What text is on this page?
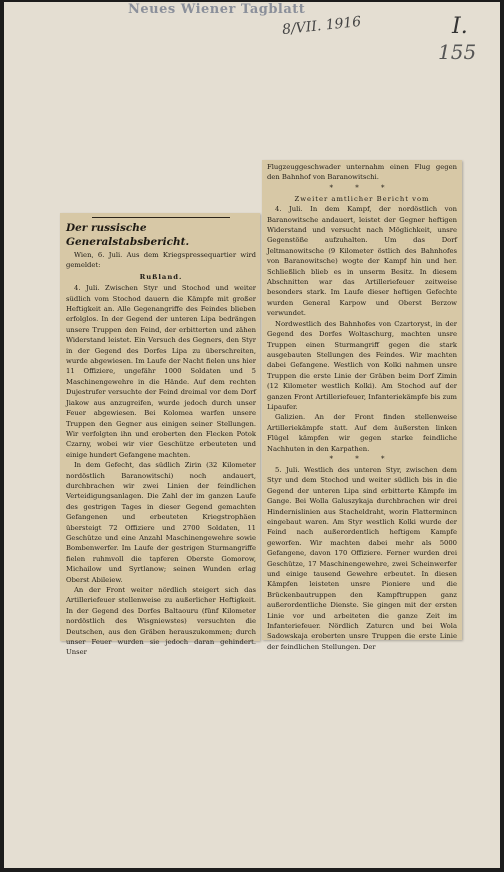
Neues Wiener Tagblatt
8/VII. 1916	I.
155
Der russische Generalstabsbericht.

Wien, 6. Juli. Aus dem Kriegspressequartier wird gemeldet:

Rußland.

4. Juli. Zwischen Styr und Stochod und weiter südlich vom Stochod dauern die Kämpfe mit großer Heftigkeit an. Alle Gegenangriffe des Feindes blieben erfolglos. In der Gegend der unteren Lipa bedrängen unsere Truppen den Feind, der erbitterten und zähen Widerstand leistet. Ein Versuch des Gegners, den Styr in der Gegend des Dorfes Lipa zu überschreiten, wurde abgewiesen. Im Laufe der Nacht fielen uns hier 11 Offiziere, ungefähr 1000 Soldaten und 5 Maschinengewehre in die Hände. Auf dem rechten Dujestrufer versuchte der Feind dreimal vor dem Dorf Jiakow aus anzugreifen, wurde jedoch durch unser Feuer abgewiesen. Bei Kolomea warfen unsere Truppen den Gegner aus einigen seiner Stellungen. Wir verfolgten ihn und eroberten den Flecken Potok Czarny, wobei wir vier Geschütze erbeuteten und einige hundert Gefangene machten.

In dem Gefecht, das südlich Zirin (32 Kilometer nordöstlich Baranowitschi) noch andauert, durchbrachen wir zwei Linien der feindlichen Verteidigungsanlagen. Die Zahl der im ganzen Laufe des gestrigen Tages in dieser Gegend gemachten Gefangenen und erbeuteten Kriegstrophäen übersteigt 72 Offiziere und 2700 Soldaten, 11 Geschütze und eine Anzahl Maschinengewehre sowie Bombenwerfer. Im Laufe der gestrigen Sturmangriffe fielen ruhmvoll die tapferen Oberste Gomorow, Michailow und Syrtlanow; seinen Wunden erlag Oberst Abileiew.

An der Front weiter nördlich steigert sich das Artilleriefeuer stellenweise zu außerlicher Heftigkeit. In der Gegend des Dorfes Baltaouru (fünf Kilometer nordöstlich des Wisgniewstes) versuchten die Deutschen, aus den Gräben herauszukommen; durch unser Feuer wurden sie jedoch daran gehindert. Unser

Flugzeuggeschwader unternahm einen Flug gegen den Bahnhof von Baranowitschi.

* * *
Zweiter amtlicher Bericht vom

4. Juli. In dem Kampf, der nordöstlich von Baranowitsche andauert, leistet der Gegner heftigen Widerstand und versucht nach Möglichkeit, unsre Gegenstöße aufzuhalten. Um das Dorf Jeltmanowitsche (9 Kilometer östlich des Bahnhofes von Baranowitsche) wogte der Kampf hin und her. Schließlich blieb es in unserm Besitz. In diesem Abschnitten war das Artilleriefeuer zeitweise besonders stark. Im Laufe dieser heftigen Gefechte wurden General Karpow und Oberst Berzow verwundet.

Nordwestlich des Bahnhofes von Czartoryst, in der Gegend des Dorfes Woltaschurg, machten unsre Truppen einen Sturmangriff gegen die stark ausgebauten Stellungen des Feindes. Wir machten dabei Gefangene. Westlich von Kolki nahmen unsre Truppen die erste Linie der Gräben beim Dorf Zimin (12 Kilometer westlich Kolki). Am Stochod auf der ganzen Front Artilleriefeuer, Infanteriekämpfe bis zum Lipaufer.

Galizien. An der Front finden stellenweise Artilleriekämpfe statt. Auf dem äußersten linken Flügel kämpfen wir gegen starke feindliche Nachhuten in den Karpathen.

* * *

5. Juli. Westlich des unteren Styr, zwischen dem Styr und dem Stochod und weiter südlich bis in die Gegend der unteren Lipa sind erbitterte Kämpfe im Gange. Bei Wolla Galuszykaja durchbrachen wir drei Hindernislinien aus Stacheldraht, worin Flattermincn eingebaut waren. Am Styr westlich Kolki wurde der Feind nach außerordentlich heftigem Kampfe geworfen. Wir machten dabei mehr als 5000 Gefangene, davon 170 Offiziere. Ferner wurden drei Geschütze, 17 Maschinengewehre, zwei Scheinwerfer und einige tausend Gewehre erbeutet. In diesen Kämpfen leisteten unsre Pioniere und die Brückenbautruppen den Kampftruppen ganz außerordentliche Dienste. Sie gingen mit der ersten Linie vor und arbeiteten die ganze Zeit im Infanteriefeuer. Nördlich Zaturcn und bei Wola Sadowskaja eroberten unsre Truppen die erste Linie der feindlichen Stellungen. Der
